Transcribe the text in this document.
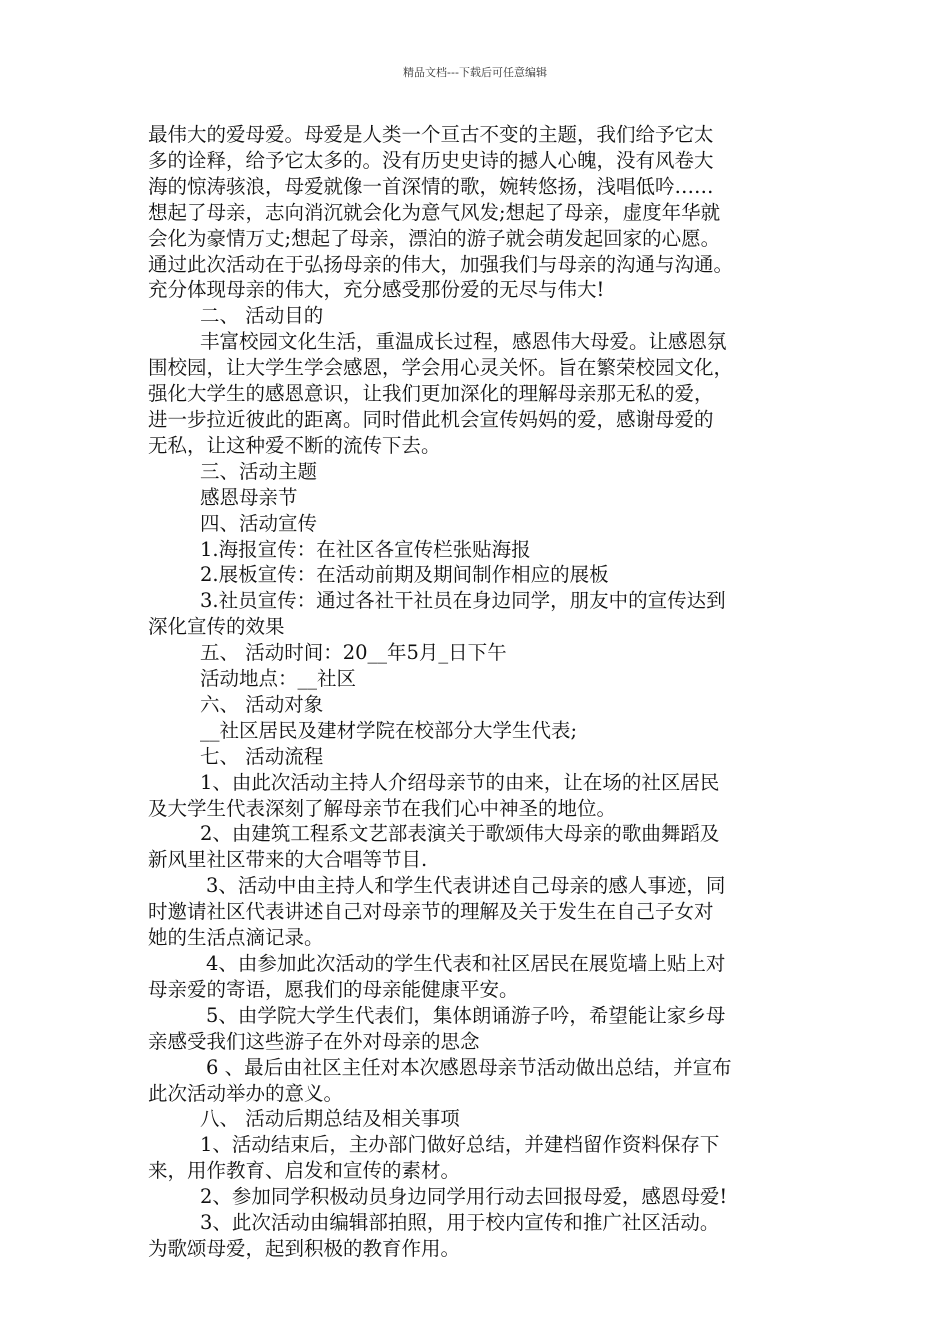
精品文档---下载后可任意编辑

最伟大的爱母爱。母爱是人类一个亘古不变的主题，我们给予它太

多的诠释，给予它太多的。没有历史史诗的撼人心魄，没有风卷大

海的惊涛骇浪，母爱就像一首深情的歌，婉转悠扬，浅唱低吟……

想起了母亲，志向消沉就会化为意气风发;想起了母亲，虚度年华就

会化为豪情万丈;想起了母亲，漂泊的游子就会萌发起回家的心愿。

通过此次活动在于弘扬母亲的伟大，加强我们与母亲的沟通与沟通。

充分体现母亲的伟大，充分感受那份爱的无尽与伟大!

二、 活动目的

丰富校园文化生活，重温成长过程，感恩伟大母爱。让感恩氛

围校园，让大学生学会感恩，学会用心灵关怀。旨在繁荣校园文化，

强化大学生的感恩意识，让我们更加深化的理解母亲那无私的爱，

进一步拉近彼此的距离。同时借此机会宣传妈妈的爱，感谢母爱的

无私，让这种爱不断的流传下去。

三、活动主题

感恩母亲节

四、活动宣传

1.海报宣传：在社区各宣传栏张贴海报

2.展板宣传：在活动前期及期间制作相应的展板

3.社员宣传：通过各社干社员在身边同学，朋友中的宣传达到

深化宣传的效果

五、 活动时间：20__年5月_日下午

活动地点：__社区

六、 活动对象

__社区居民及建材学院在校部分大学生代表;

七、 活动流程

1、由此次活动主持人介绍母亲节的由来，让在场的社区居民

及大学生代表深刻了解母亲节在我们心中神圣的地位。

2、由建筑工程系文艺部表演关于歌颂伟大母亲的歌曲舞蹈及

新风里社区带来的大合唱等节目.

3、活动中由主持人和学生代表讲述自己母亲的感人事迹，同

时邀请社区代表讲述自己对母亲节的理解及关于发生在自己子女对

她的生活点滴记录。

4、由参加此次活动的学生代表和社区居民在展览墙上贴上对

母亲爱的寄语，愿我们的母亲能健康平安。

5、由学院大学生代表们，集体朗诵游子吟，希望能让家乡母

亲感受我们这些游子在外对母亲的思念

6 、最后由社区主任对本次感恩母亲节活动做出总结，并宣布

此次活动举办的意义。

八、 活动后期总结及相关事项

1、活动结束后，主办部门做好总结，并建档留作资料保存下

来，用作教育、启发和宣传的素材。

2、参加同学积极动员身边同学用行动去回报母爱，感恩母爱!

3、此次活动由编辑部拍照，用于校内宣传和推广社区活动。

为歌颂母爱，起到积极的教育作用。
